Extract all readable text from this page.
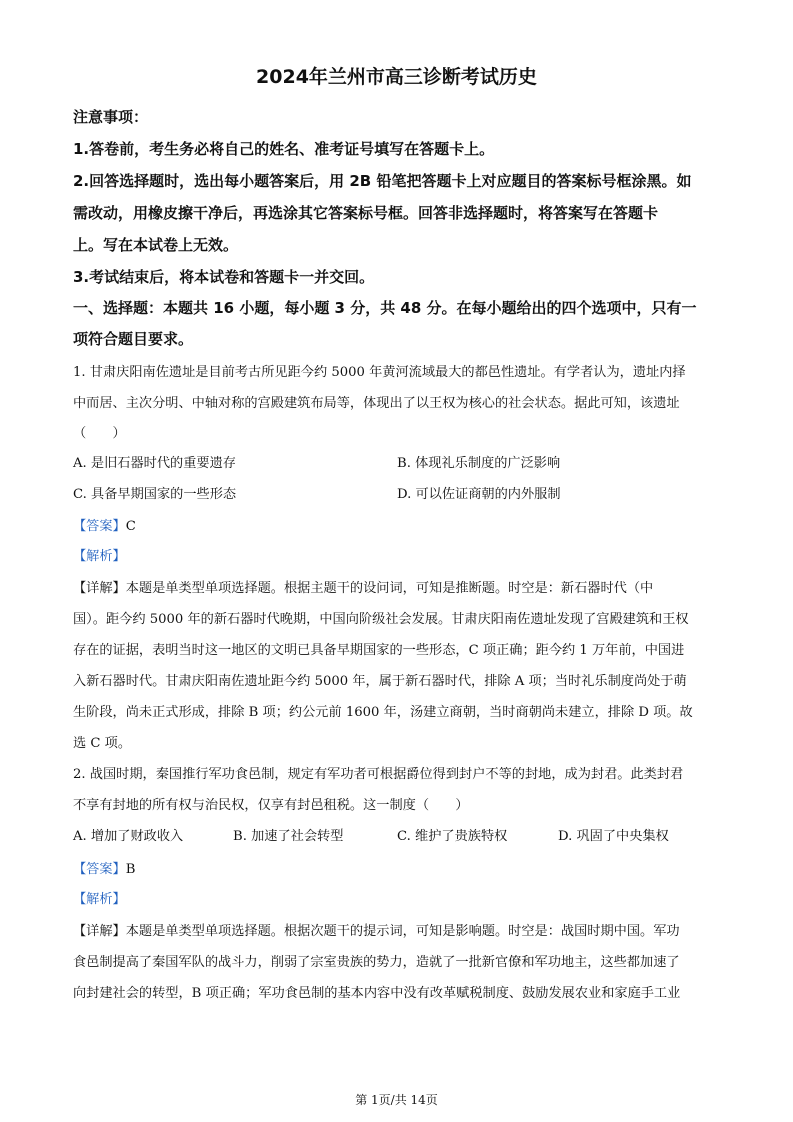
2024年兰州市高三诊断考试历史
注意事项：
1.答卷前，考生务必将自己的姓名、准考证号填写在答题卡上。
2.回答选择题时，选出每小题答案后，用 2B 铅笔把答题卡上对应题目的答案标号框涂黑。如
需改动，用橡皮擦干净后，再选涂其它答案标号框。回答非选择题时，将答案写在答题卡
上。写在本试卷上无效。
3.考试结束后，将本试卷和答题卡一并交回。
一、选择题：本题共 16 小题，每小题 3 分，共 48 分。在每小题给出的四个选项中，只有一
项符合题目要求。
1. 甘肃庆阳南佐遗址是目前考古所见距今约 5000 年黄河流域最大的都邑性遗址。有学者认为，遗址内择
中而居、主次分明、中轴对称的宫殿建筑布局等，体现出了以王权为核心的社会状态。据此可知，该遗址
（　　）
A. 是旧石器时代的重要遗存	B. 体现礼乐制度的广泛影响
C. 具备早期国家的一些形态	D. 可以佐证商朝的内外服制
【答案】C
【解析】
【详解】本题是单类型单项选择题。根据主题干的设问词，可知是推断题。时空是：新石器时代（中
国）。距今约 5000 年的新石器时代晚期，中国向阶级社会发展。甘肃庆阳南佐遗址发现了宫殿建筑和王权
存在的证据，表明当时这一地区的文明已具备早期国家的一些形态，C 项正确；距今约 1 万年前，中国进
入新石器时代。甘肃庆阳南佐遗址距今约 5000 年，属于新石器时代，排除 A 项；当时礼乐制度尚处于萌
生阶段，尚未正式形成，排除 B 项；约公元前 1600 年，汤建立商朝，当时商朝尚未建立，排除 D 项。故
选 C 项。
2. 战国时期，秦国推行军功食邑制，规定有军功者可根据爵位得到封户不等的封地，成为封君。此类封君
不享有封地的所有权与治民权，仅享有封邑租税。这一制度（　　）
A. 增加了财政收入	B. 加速了社会转型	C. 维护了贵族特权	D. 巩固了中央集权
【答案】B
【解析】
【详解】本题是单类型单项选择题。根据次题干的提示词，可知是影响题。时空是：战国时期中国。军功
食邑制提高了秦国军队的战斗力，削弱了宗室贵族的势力，造就了一批新官僚和军功地主，这些都加速了
向封建社会的转型，B 项正确；军功食邑制的基本内容中没有改革赋税制度、鼓励发展农业和家庭手工业
第 1页/共 14页
